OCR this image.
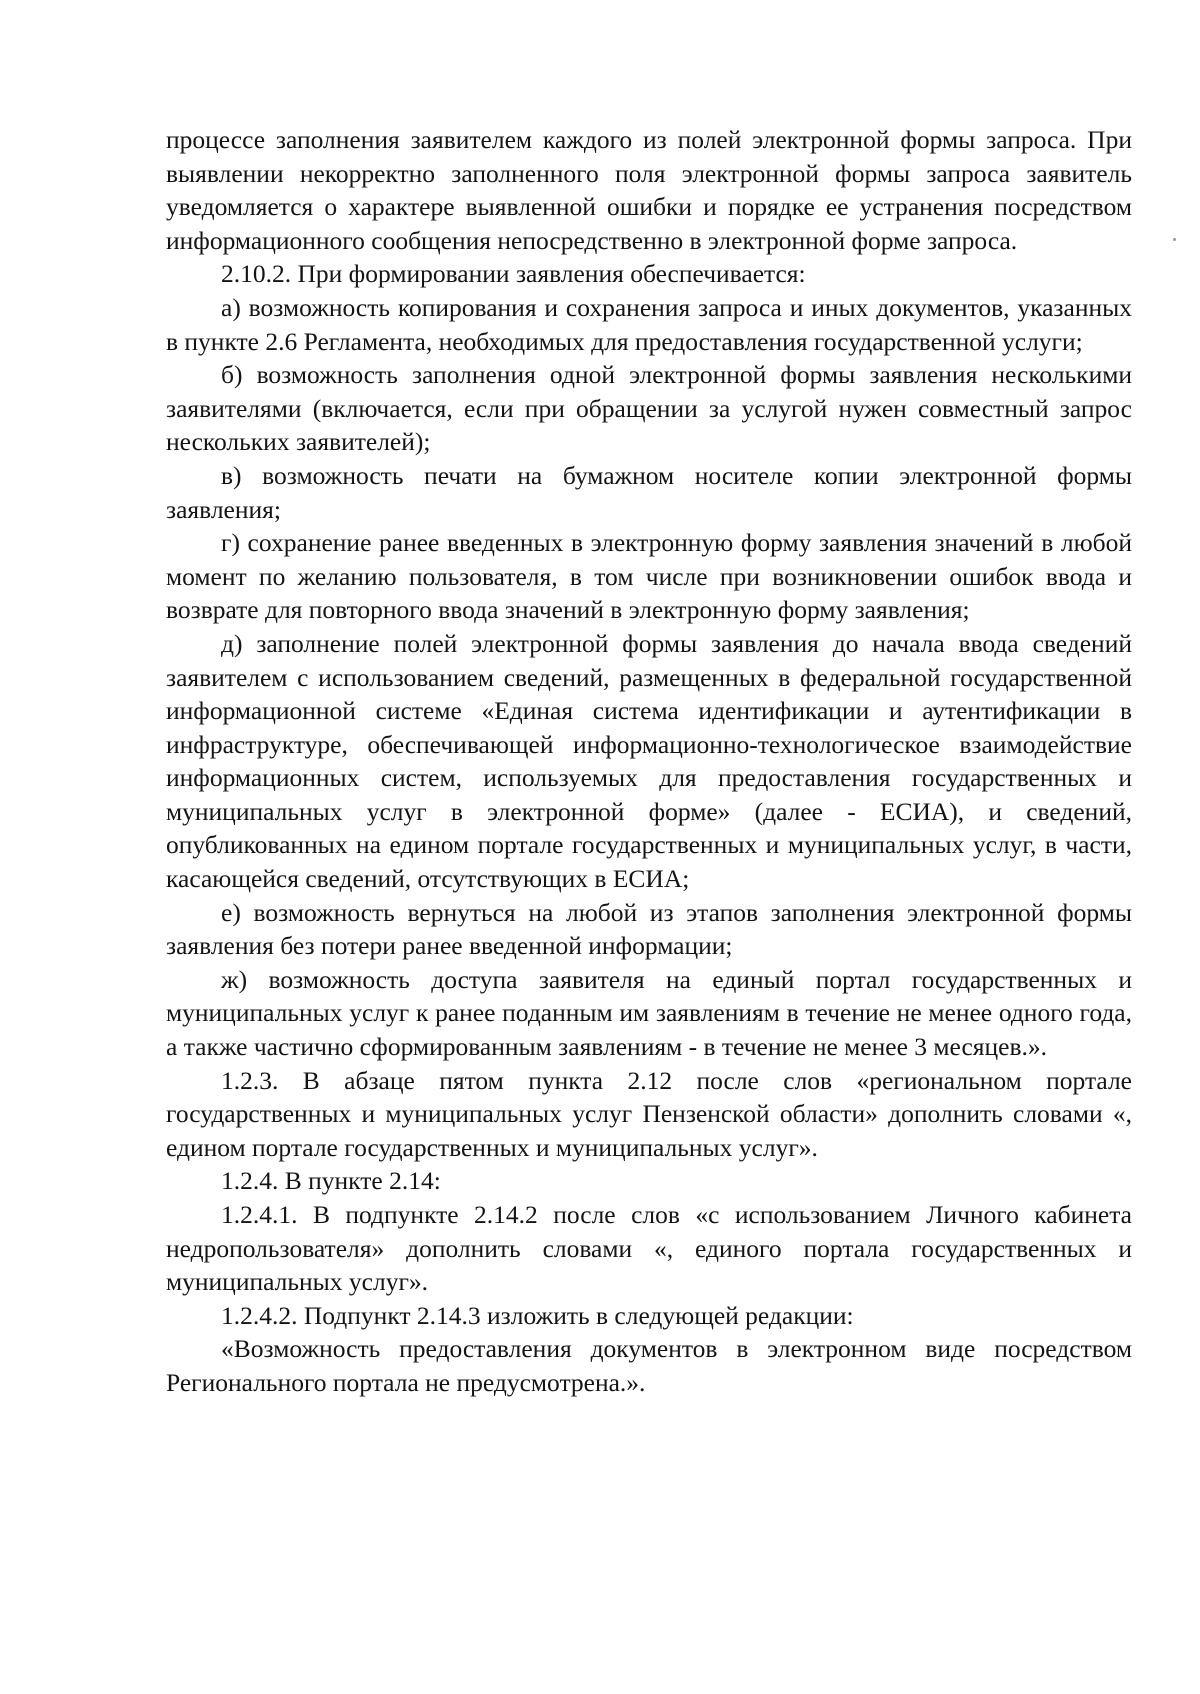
процессе заполнения заявителем каждого из полей электронной формы запроса. При выявлении некорректно заполненного поля электронной формы запроса заявитель уведомляется о характере выявленной ошибки и порядке ее устранения посредством информационного сообщения непосредственно в электронной форме запроса.

2.10.2. При формировании заявления обеспечивается:

а) возможность копирования и сохранения запроса и иных документов, указанных в пункте 2.6 Регламента, необходимых для предоставления государственной услуги;

б) возможность заполнения одной электронной формы заявления несколькими заявителями (включается, если при обращении за услугой нужен совместный запрос нескольких заявителей);

в) возможность печати на бумажном носителе копии электронной формы заявления;

г) сохранение ранее введенных в электронную форму заявления значений в любой момент по желанию пользователя, в том числе при возникновении ошибок ввода и возврате для повторного ввода значений в электронную форму заявления;

д) заполнение полей электронной формы заявления до начала ввода сведений заявителем с использованием сведений, размещенных в федеральной государственной информационной системе «Единая система идентификации и аутентификации в инфраструктуре, обеспечивающей информационно-технологическое взаимодействие информационных систем, используемых для предоставления государственных и муниципальных услуг в электронной форме» (далее - ЕСИА), и сведений, опубликованных на едином портале государственных и муниципальных услуг, в части, касающейся сведений, отсутствующих в ЕСИА;

е) возможность вернуться на любой из этапов заполнения электронной формы заявления без потери ранее введенной информации;

ж) возможность доступа заявителя на единый портал государственных и муниципальных услуг к ранее поданным им заявлениям в течение не менее одного года, а также частично сформированным заявлениям - в течение не менее 3 месяцев.».

1.2.3. В абзаце пятом пункта 2.12 после слов «региональном портале государственных и муниципальных услуг Пензенской области» дополнить словами «, едином портале государственных и муниципальных услуг».

1.2.4. В пункте 2.14:

1.2.4.1. В подпункте 2.14.2 после слов «с использованием Личного кабинета недропользователя» дополнить словами «, единого портала государственных и муниципальных услуг».

1.2.4.2. Подпункт 2.14.3 изложить в следующей редакции:

«Возможность предоставления документов в электронном виде посредством Регионального портала не предусмотрена.».
